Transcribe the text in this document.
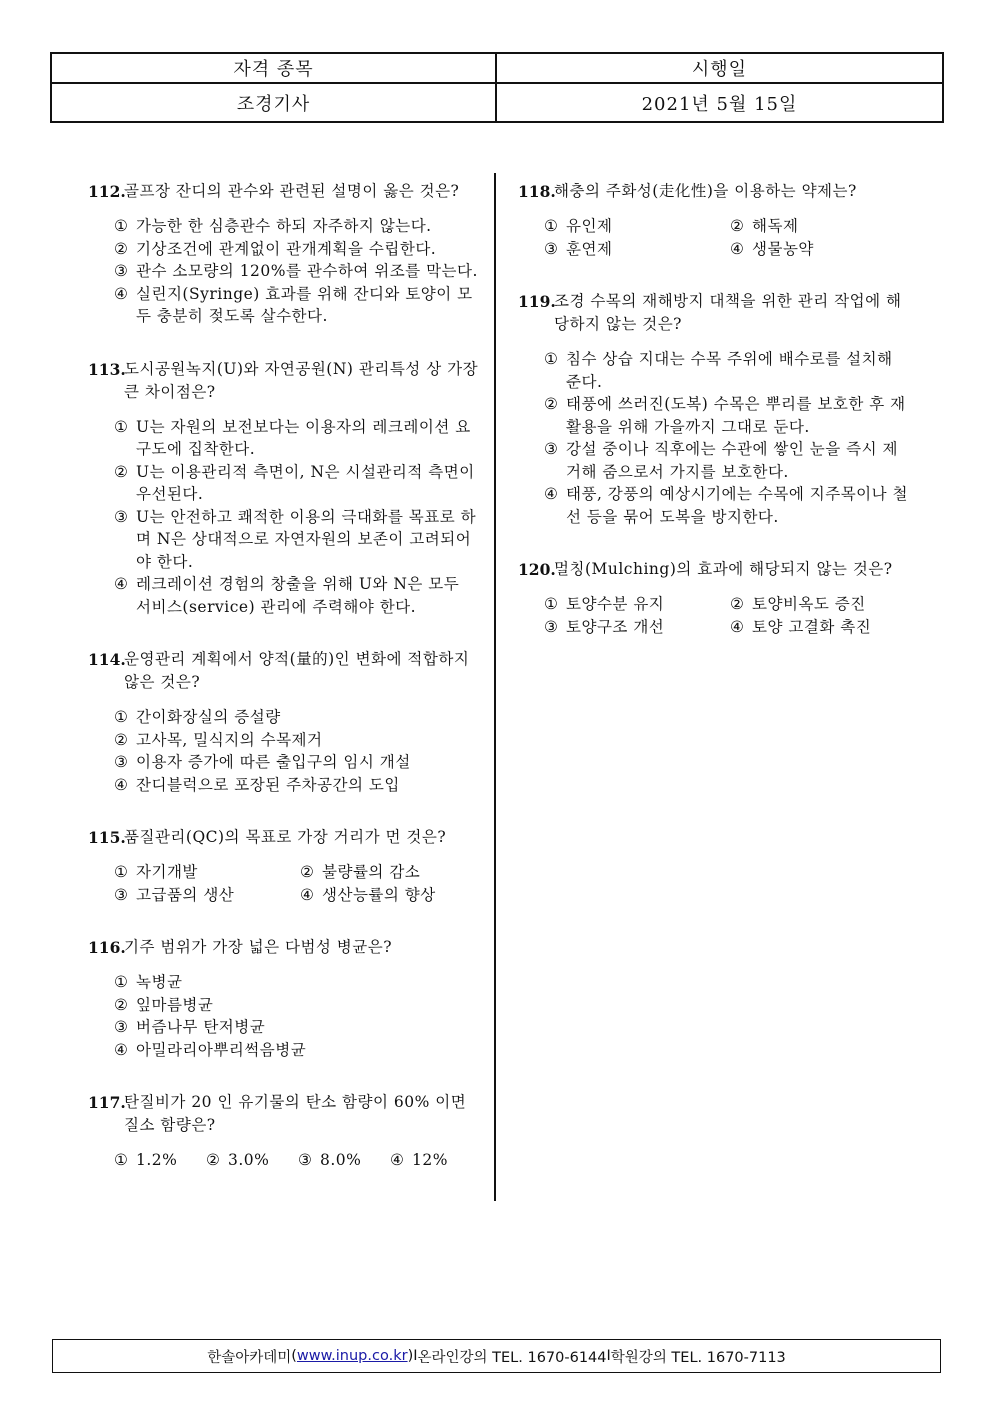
자격 종목	시행일
조경기사	2021년 5월 15일
112.
골프장 잔디의 관수와 관련된 설명이 옳은 것은?
① 가능한 한 심층관수 하되 자주하지 않는다.
② 기상조건에 관계없이 관개계획을 수립한다.
③ 관수 소모량의 120%를 관수하여 위조를 막는다.
④ 실린지(Syringe) 효과를 위해 잔디와 토양이 모두 충분히 젖도록 살수한다.
113.
도시공원녹지(U)와 자연공원(N) 관리특성 상 가장 큰 차이점은?
① U는 자원의 보전보다는 이용자의 레크레이션 요구도에 집착한다.
② U는 이용관리적 측면이, N은 시설관리적 측면이 우선된다.
③ U는 안전하고 쾌적한 이용의 극대화를 목표로 하며 N은 상대적으로 자연자원의 보존이 고려되어야 한다.
④ 레크레이션 경험의 창출을 위해 U와 N은 모두 서비스(service) 관리에 주력해야 한다.
114.
운영관리 계획에서 양적(量的)인 변화에 적합하지 않은 것은?
① 간이화장실의 증설량
② 고사목, 밀식지의 수목제거
③ 이용자 증가에 따른 출입구의 임시 개설
④ 잔디블럭으로 포장된 주차공간의 도입
115.
품질관리(QC)의 목표로 가장 거리가 먼 것은?
① 자기개발	② 불량률의 감소
③ 고급품의 생산	④ 생산능률의 향상
116.
기주 범위가 가장 넓은 다범성 병균은?
① 녹병균
② 잎마름병균
③ 버즘나무 탄저병균
④ 아밀라리아뿌리썩음병균
117.
탄질비가 20 인 유기물의 탄소 함량이 60% 이면 질소 함량은?
① 1.2%	② 3.0%	③ 8.0%	④ 12%
118.
해충의 주화성(走化性)을 이용하는 약제는?
① 유인제	② 해독제
③ 훈연제	④ 생물농약
119.
조경 수목의 재해방지 대책을 위한 관리 작업에 해당하지 않는 것은?
① 침수 상습 지대는 수목 주위에 배수로를 설치해 준다.
② 태풍에 쓰러진(도복) 수목은 뿌리를 보호한 후 재활용을 위해 가을까지 그대로 둔다.
③ 강설 중이나 직후에는 수관에 쌓인 눈을 즉시 제거해 줌으로서 가지를 보호한다.
④ 태풍, 강풍의 예상시기에는 수목에 지주목이나 철선 등을 묶어 도복을 방지한다.
120.
멀칭(Mulching)의 효과에 해당되지 않는 것은?
① 토양수분 유지	② 토양비옥도 증진
③ 토양구조 개선	④ 토양 고결화 촉진
한솔아카데미 ( www.inup.co.kr ) I 온라인강의 TEL. 1670-6144 I 학원강의 TEL. 1670-7113
